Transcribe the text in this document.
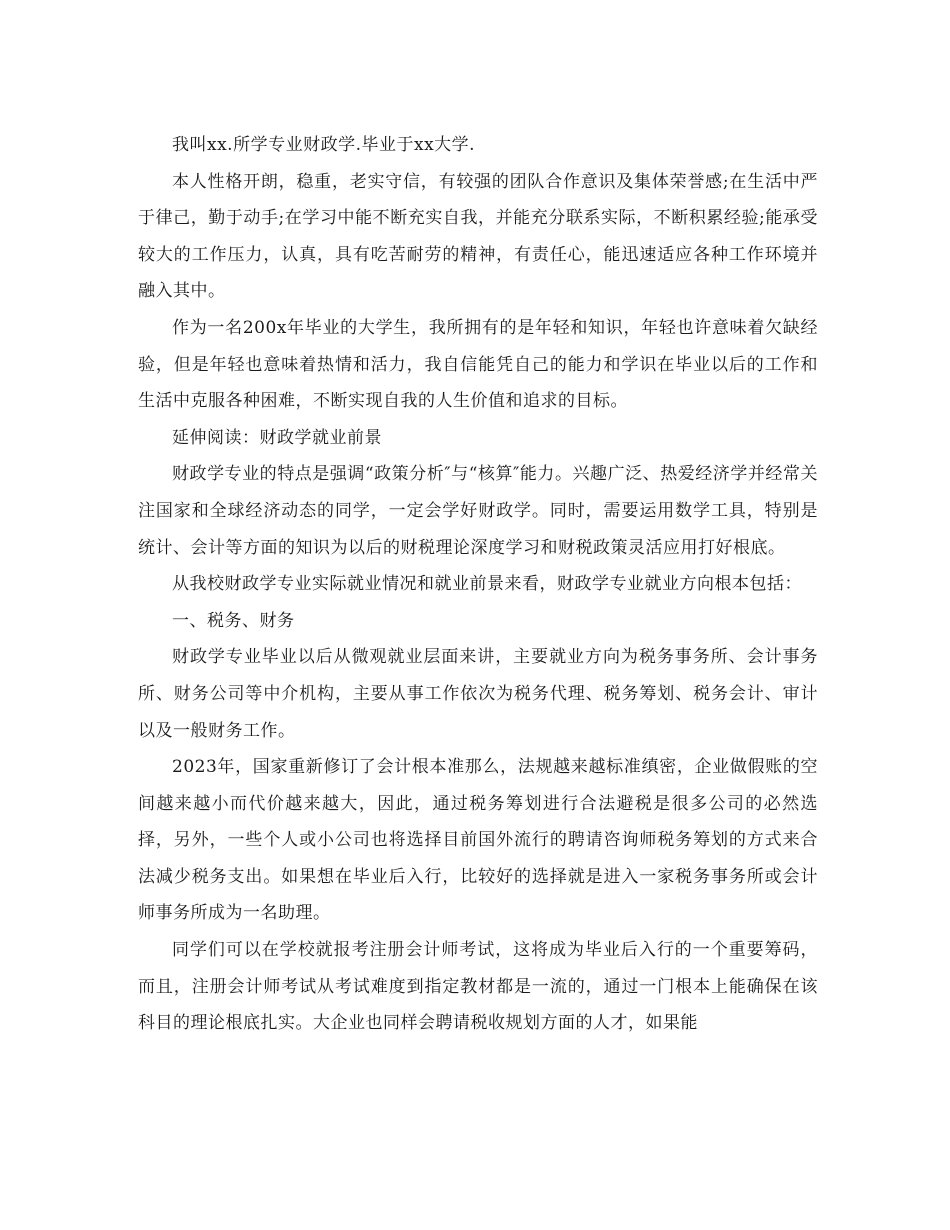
我叫xx.所学专业财政学.毕业于xx大学.

本人性格开朗，稳重，老实守信，有较强的团队合作意识及集体荣誉感;在生活中严于律己，勤于动手;在学习中能不断充实自我，并能充分联系实际，不断积累经验;能承受较大的工作压力，认真，具有吃苦耐劳的精神，有责任心，能迅速适应各种工作环境并融入其中。

作为一名200x年毕业的大学生，我所拥有的是年轻和知识，年轻也许意味着欠缺经验，但是年轻也意味着热情和活力，我自信能凭自己的能力和学识在毕业以后的工作和生活中克服各种困难，不断实现自我的人生价值和追求的目标。

延伸阅读：财政学就业前景

财政学专业的特点是强调“政策分析″与“核算″能力。兴趣广泛、热爱经济学并经常关注国家和全球经济动态的同学，一定会学好财政学。同时，需要运用数学工具，特别是统计、会计等方面的知识为以后的财税理论深度学习和财税政策灵活应用打好根底。

从我校财政学专业实际就业情况和就业前景来看，财政学专业就业方向根本包括：

一、税务、财务

财政学专业毕业以后从微观就业层面来讲，主要就业方向为税务事务所、会计事务所、财务公司等中介机构，主要从事工作依次为税务代理、税务筹划、税务会计、审计以及一般财务工作。

2023年，国家重新修订了会计根本准那么，法规越来越标准缜密，企业做假账的空间越来越小而代价越来越大，因此，通过税务筹划进行合法避税是很多公司的必然选择，另外，一些个人或小公司也将选择目前国外流行的聘请咨询师税务筹划的方式来合法减少税务支出。如果想在毕业后入行，比较好的选择就是进入一家税务事务所或会计师事务所成为一名助理。

同学们可以在学校就报考注册会计师考试，这将成为毕业后入行的一个重要筹码，而且，注册会计师考试从考试难度到指定教材都是一流的，通过一门根本上能确保在该科目的理论根底扎实。大企业也同样会聘请税收规划方面的人才，如果能
